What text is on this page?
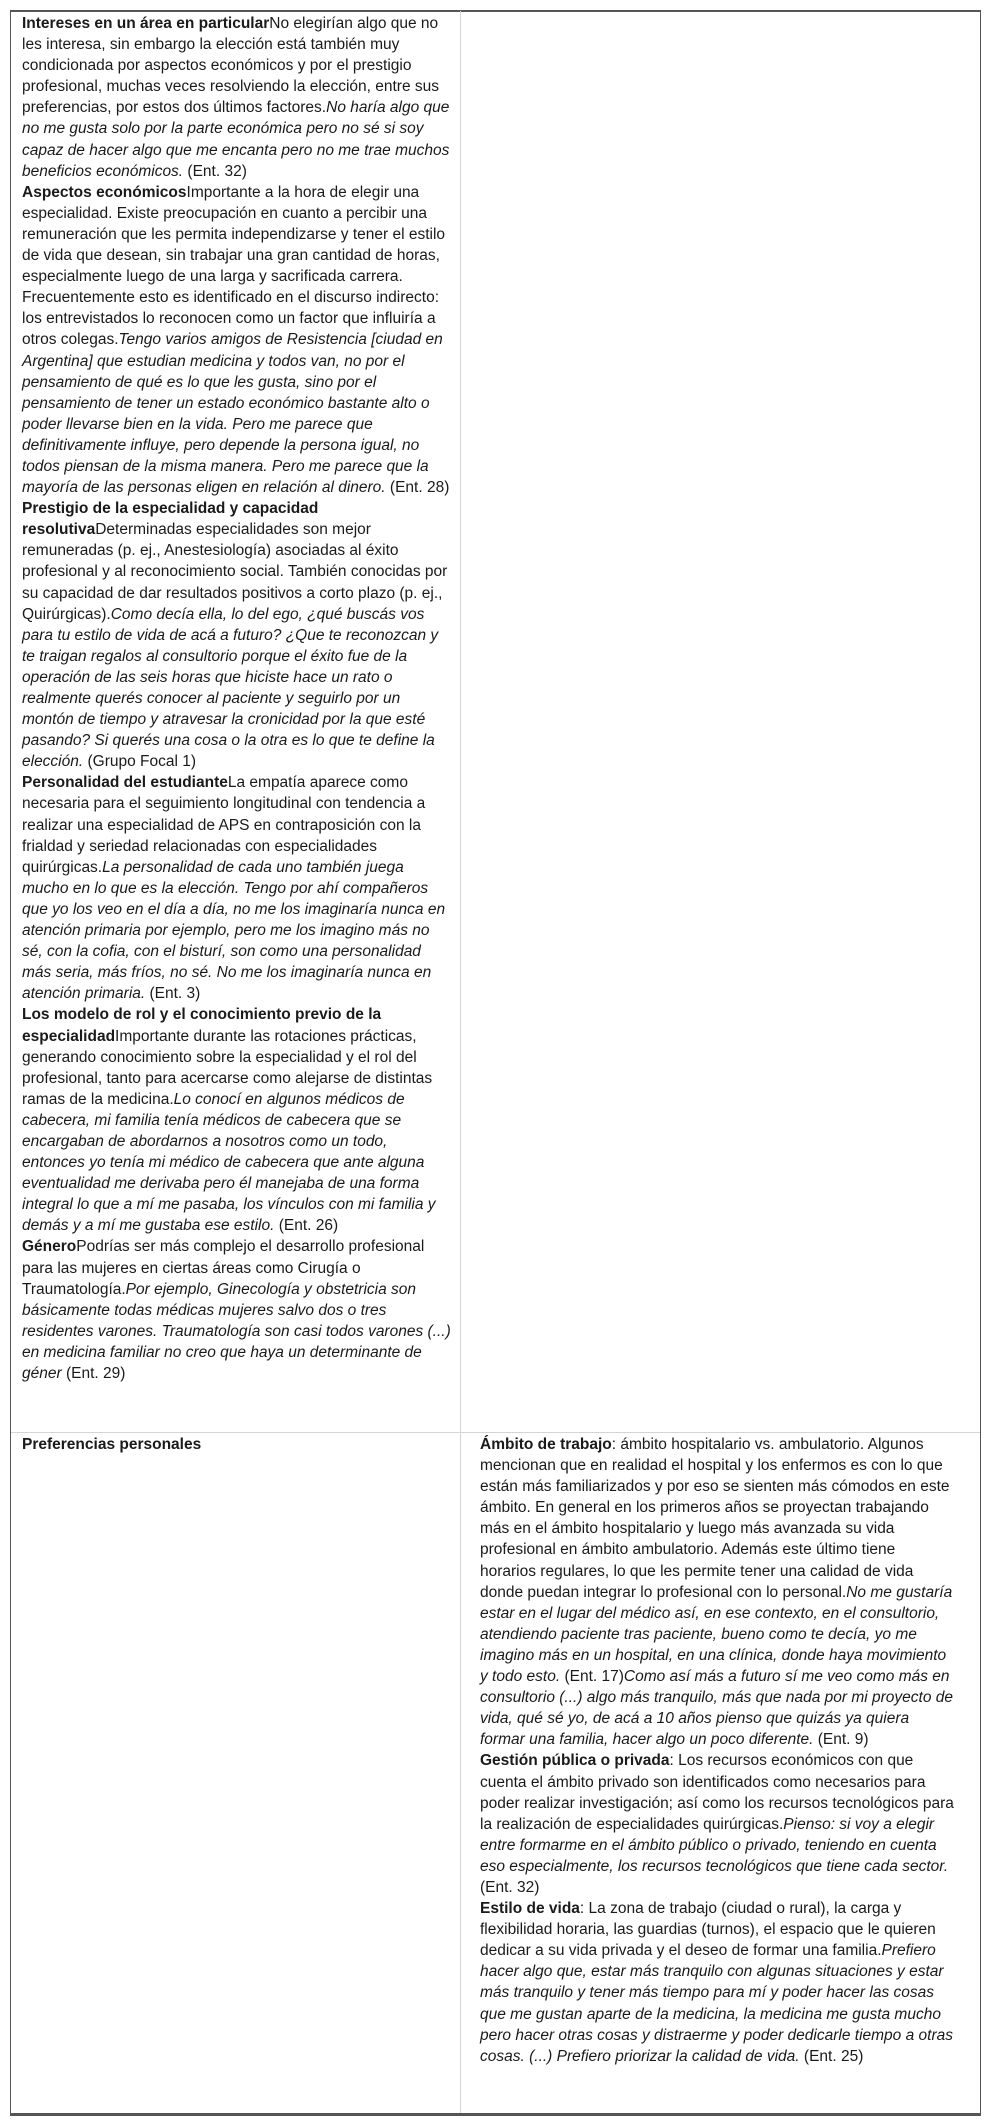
Intereses en un área en particularNo elegirían algo que no les interesa, sin embargo la elección está también muy condicionada por aspectos económicos y por el prestigio profesional, muchas veces resolviendo la elección, entre sus preferencias, por estos dos últimos factores.No haría algo que no me gusta solo por la parte económica pero no sé si soy capaz de hacer algo que me encanta pero no me trae muchos beneficios económicos. (Ent. 32)

Aspectos económicosImportante a la hora de elegir una especialidad. Existe preocupación en cuanto a percibir una remuneración que les permita independizarse y tener el estilo de vida que desean, sin trabajar una gran cantidad de horas, especialmente luego de una larga y sacrificada carrera. Frecuentemente esto es identificado en el discurso indirecto: los entrevistados lo reconocen como un factor que influiría a otros colegas.Tengo varios amigos de Resistencia [ciudad en Argentina] que estudian medicina y todos van, no por el pensamiento de qué es lo que les gusta, sino por el pensamiento de tener un estado económico bastante alto o poder llevarse bien en la vida. Pero me parece que definitivamente influye, pero depende la persona igual, no todos piensan de la misma manera. Pero me parece que la mayoría de las personas eligen en relación al dinero. (Ent. 28)

Prestigio de la especialidad y capacidad resolutivaDeterminadas especialidades son mejor remuneradas (p. ej., Anestesiología) asociadas al éxito profesional y al reconocimiento social. También conocidas por su capacidad de dar resultados positivos a corto plazo (p. ej., Quirúrgicas).Como decía ella, lo del ego, ¿qué buscás vos para tu estilo de vida de acá a futuro? ¿Que te reconozcan y te traigan regalos al consultorio porque el éxito fue de la operación de las seis horas que hiciste hace un rato o realmente querés conocer al paciente y seguirlo por un montón de tiempo y atravesar la cronicidad por la que esté pasando? Si querés una cosa o la otra es lo que te define la elección. (Grupo Focal 1)

Personalidad del estudianteLa empatía aparece como necesaria para el seguimiento longitudinal con tendencia a realizar una especialidad de APS en contraposición con la frialdad y seriedad relacionadas con especialidades quirúrgicas.La personalidad de cada uno también juega mucho en lo que es la elección. Tengo por ahí compañeros que yo los veo en el día a día, no me los imaginaría nunca en atención primaria por ejemplo, pero me los imagino más no sé, con la cofia, con el bisturí, son como una personalidad más seria, más fríos, no sé. No me los imaginaría nunca en atención primaria. (Ent. 3)

Los modelo de rol y el conocimiento previo de la especialidadImportante durante las rotaciones prácticas, generando conocimiento sobre la especialidad y el rol del profesional, tanto para acercarse como alejarse de distintas ramas de la medicina.Lo conocí en algunos médicos de cabecera, mi familia tenía médicos de cabecera que se encargaban de abordarnos a nosotros como un todo, entonces yo tenía mi médico de cabecera que ante alguna eventualidad me derivaba pero él manejaba de una forma integral lo que a mí me pasaba, los vínculos con mi familia y demás y a mí me gustaba ese estilo. (Ent. 26)

GéneroPodrías ser más complejo el desarrollo profesional para las mujeres en ciertas áreas como Cirugía o Traumatología.Por ejemplo, Ginecología y obstetricia son básicamente todas médicas mujeres salvo dos o tres residentes varones. Traumatología son casi todos varones (...) en medicina familiar no creo que haya un determinante de géner (Ent. 29)

Preferencias personales	Ámbito de trabajo: ámbito hospitalario vs. ambulatorio. Algunos mencionan que en realidad el hospital y los enfermos es con lo que están más familiarizados y por eso se sienten más cómodos en este ámbito. En general en los primeros años se proyectan trabajando más en el ámbito hospitalario y luego más avanzada su vida profesional en ámbito ambulatorio. Además este último tiene horarios regulares, lo que les permite tener una calidad de vida donde puedan integrar lo profesional con lo personal.No me gustaría estar en el lugar del médico así, en ese contexto, en el consultorio, atendiendo paciente tras paciente, bueno como te decía, yo me imagino más en un hospital, en una clínica, donde haya movimiento y todo esto. (Ent. 17)Como así más a futuro sí me veo como más en consultorio (...) algo más tranquilo, más que nada por mi proyecto de vida, qué sé yo, de acá a 10 años pienso que quizás ya quiera formar una familia, hacer algo un poco diferente. (Ent. 9)

Gestión pública o privada: Los recursos económicos con que cuenta el ámbito privado son identificados como necesarios para poder realizar investigación; así como los recursos tecnológicos para la realización de especialidades quirúrgicas.Pienso: si voy a elegir entre formarme en el ámbito público o privado, teniendo en cuenta eso especialmente, los recursos tecnológicos que tiene cada sector. (Ent. 32)

Estilo de vida: La zona de trabajo (ciudad o rural), la carga y flexibilidad horaria, las guardias (turnos), el espacio que le quieren dedicar a su vida privada y el deseo de formar una familia.Prefiero hacer algo que, estar más tranquilo con algunas situaciones y estar más tranquilo y tener más tiempo para mí y poder hacer las cosas que me gustan aparte de la medicina, la medicina me gusta mucho pero hacer otras cosas y distraerme y poder dedicarle tiempo a otras cosas. (...) Prefiero priorizar la calidad de vida. (Ent. 25)
